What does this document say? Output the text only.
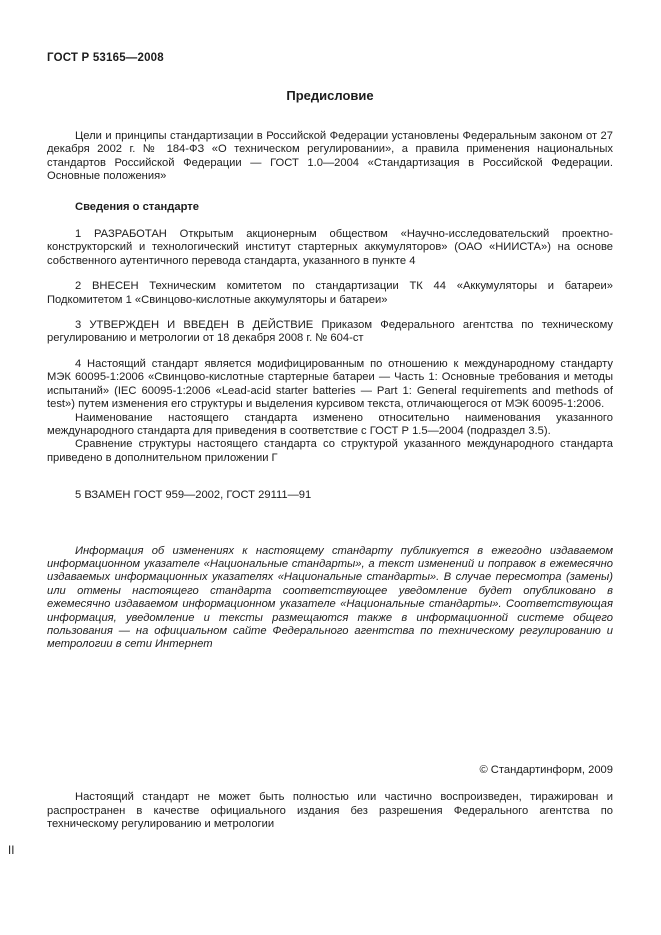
ГОСТ Р 53165—2008
Предисловие

Цели и принципы стандартизации в Российской Федерации установлены Федеральным законом от 27 декабря 2002 г. № 184-ФЗ «О техническом регулировании», а правила применения национальных стандартов Российской Федерации — ГОСТ 1.0—2004 «Стандартизация в Российской Федерации. Основные положения»

Сведения о стандарте

1 РАЗРАБОТАН Открытым акционерным обществом «Научно-исследовательский проектно-конструкторский и технологический институт стартерных аккумуляторов» (ОАО «НИИСТА») на основе собственного аутентичного перевода стандарта, указанного в пункте 4

2 ВНЕСЕН Техническим комитетом по стандартизации ТК 44 «Аккумуляторы и батареи» Подкомитетом 1 «Свинцово-кислотные аккумуляторы и батареи»

3 УТВЕРЖДЕН И ВВЕДЕН В ДЕЙСТВИЕ Приказом Федерального агентства по техническому регулированию и метрологии от 18 декабря 2008 г. № 604-ст

4 Настоящий стандарт является модифицированным по отношению к международному стандарту МЭК 60095-1:2006 «Свинцово-кислотные стартерные батареи — Часть 1: Основные требования и методы испытаний» (IEC 60095-1:2006 «Lead-acid starter batteries — Part 1: General requirements and methods of test») путем изменения его структуры и выделения курсивом текста, отличающегося от МЭК 60095-1:2006.

Наименование настоящего стандарта изменено относительно наименования указанного международного стандарта для приведения в соответствие с ГОСТ Р 1.5—2004 (подраздел 3.5).

Сравнение структуры настоящего стандарта со структурой указанного международного стандарта приведено в дополнительном приложении Г

5 ВЗАМЕН ГОСТ 959—2002, ГОСТ 29111—91

Информация об изменениях к настоящему стандарту публикуется в ежегодно издаваемом информационном указателе «Национальные стандарты», а текст изменений и поправок в ежемесячно издаваемых информационных указателях «Национальные стандарты». В случае пересмотра (замены) или отмены настоящего стандарта соответствующее уведомление будет опубликовано в ежемесячно издаваемом информационном указателе «Национальные стандарты». Соответствующая информация, уведомление и тексты размещаются также в информационной системе общего пользования — на официальном сайте Федерального агентства по техническому регулированию и метрологии в сети Интернет

© Стандартинформ, 2009

Настоящий стандарт не может быть полностью или частично воспроизведен, тиражирован и распространен в качестве официального издания без разрешения Федерального агентства по техническому регулированию и метрологии

II
